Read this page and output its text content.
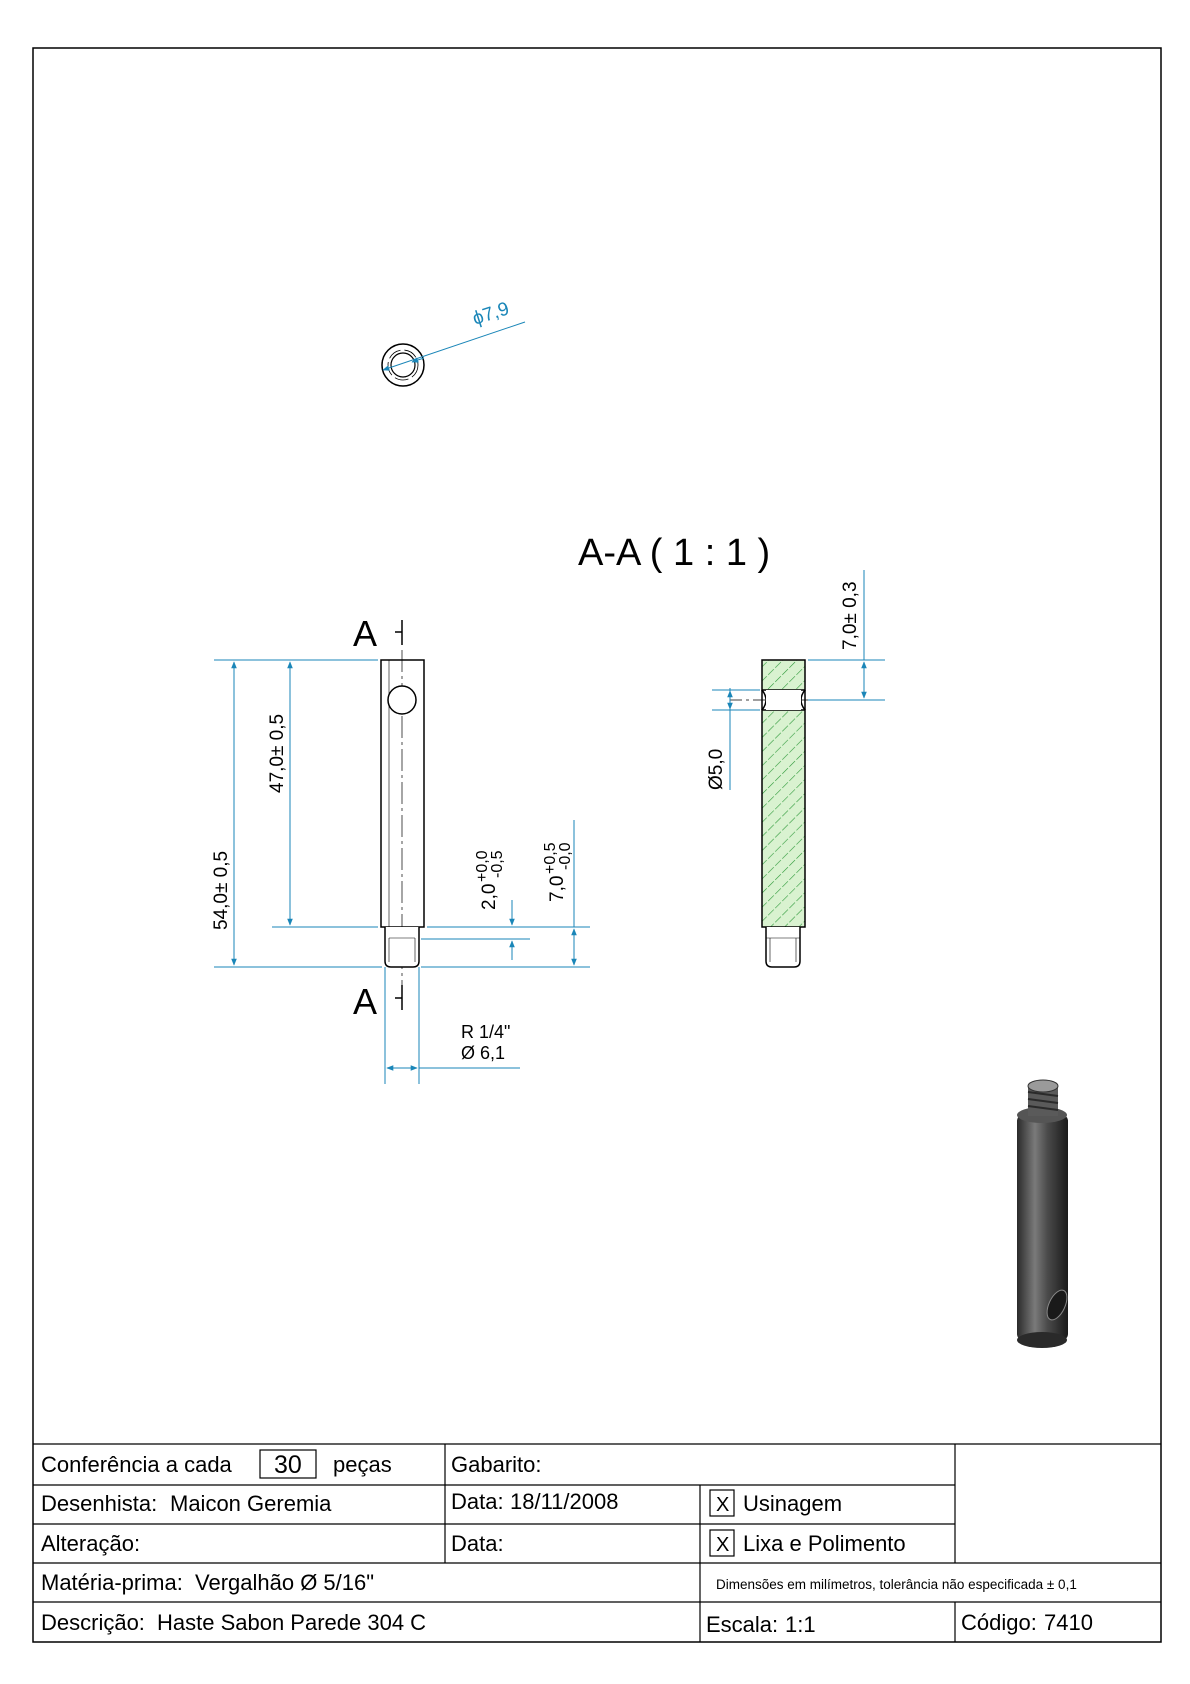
ϕ7,9
A-A ( 1 : 1 )
A
A
54,0± 0,5
47,0± 0,5
2,0
+0,0
-0,5
7,0
+0,5
-0,0
R 1/4"
Ø 6,1
7,0± 0,3
Ø5,0
Conferência a cada 30 peças	Gabarito:
Desenhista: Maicon Geremia	Data: 18/11/2008	X Usinagem
Alteração:	Data:	X Lixa e Polimento
Matéria-prima: Vergalhão Ø 5/16"	Dimensões em milímetros, tolerância não especificada ± 0,1
Descrição: Haste Sabon Parede 304 C	Escala: 1:1	Código: 7410
